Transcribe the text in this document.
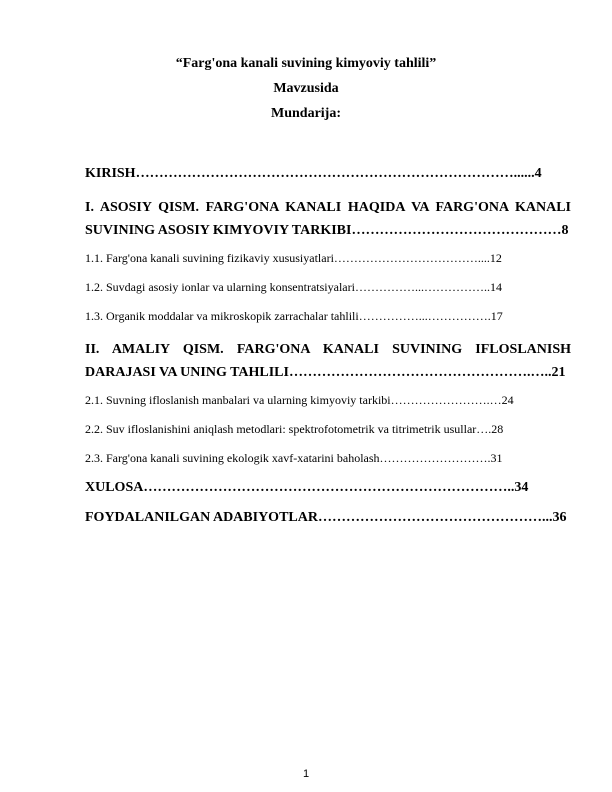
“Farg'ona kanali suvining kimyoviy tahlili”
Mavzusida
Mundarija:
KIRISH………………………………………………………………………......4
I. ASOSIY QISM. FARG'ONA KANALI HAQIDA VA FARG'ONA KANALI
SUVINING ASOSIY KIMYOVIY TARKIBI………………………………………8
1.1. Farg'ona kanali suvining fizikaviy xususiyatlari………………………………....12
1.2. Suvdagi asosiy ionlar va ularning konsentratsiyalari……………...……………..14
1.3. Organik moddalar va mikroskopik zarrachalar tahlili……………...…………….17
II. AMALIY QISM. FARG'ONA KANALI SUVINING IFLOSLANISH
DARAJASI VA UNING TAHLILI…………………………………………….…..21
2.1. Suvning ifloslanish manbalari va ularning kimyoviy tarkibi…………………….…24
2.2. Suv ifloslanishini aniqlash metodlari: spektrofotometrik va titrimetrik usullar….28
2.3. Farg'ona kanali suvining ekologik xavf-xatarini baholash……………………….31
XULOSA……………………………………………………………………..34
FOYDALANILGAN ADABIYOTLAR…………………………………………...36
1
